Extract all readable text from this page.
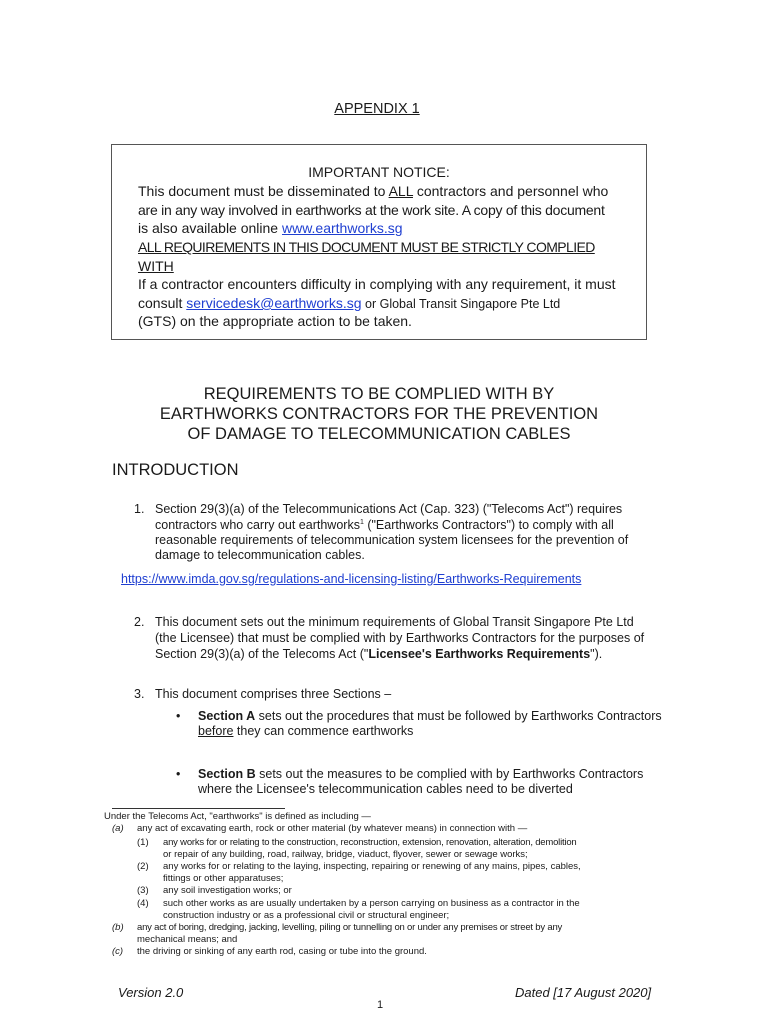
APPENDIX 1
IMPORTANT NOTICE:
This document must be disseminated to ALL contractors and personnel who
are in any way involved in earthworks at the work site. A copy of this document
is also available online www.earthworks.sg
ALL REQUIREMENTS IN THIS DOCUMENT MUST BE STRICTLY COMPLIED
WITH
If a contractor encounters difficulty in complying with any requirement, it must
consult servicedesk@earthworks.sg or Global Transit Singapore Pte Ltd
(GTS) on the appropriate action to be taken.
REQUIREMENTS TO BE COMPLIED WITH BY
EARTHWORKS CONTRACTORS FOR THE PREVENTION
OF DAMAGE TO TELECOMMUNICATION CABLES
INTRODUCTION
1. Section 29(3)(a) of the Telecommunications Act (Cap. 323) ("Telecoms Act") requires
contractors who carry out earthworks$^1$ ("Earthworks Contractors") to comply with all
reasonable requirements of telecommunication system licensees for the prevention of
damage to telecommunication cables.
https://www.imda.gov.sg/regulations-and-licensing-listing/Earthworks-Requirements
2. This document sets out the minimum requirements of Global Transit Singapore Pte Ltd
(the Licensee) that must be complied with by Earthworks Contractors for the purposes of
Section 29(3)(a) of the Telecoms Act ("Licensee's Earthworks Requirements").
3. This document comprises three Sections –
• Section A sets out the procedures that must be followed by Earthworks Contractors
before they can commence earthworks
• Section B sets out the measures to be complied with by Earthworks Contractors
where the Licensee's telecommunication cables need to be diverted
Under the Telecoms Act, "earthworks" is defined as including —
(a) any act of excavating earth, rock or other material (by whatever means) in connection with —
(1) any works for or relating to the construction, reconstruction, extension, renovation, alteration, demolition
or repair of any building, road, railway, bridge, viaduct, flyover, sewer or sewage works;
(2) any works for or relating to the laying, inspecting, repairing or renewing of any mains, pipes, cables,
fittings or other apparatuses;
(3) any soil investigation works; or
(4) such other works as are usually undertaken by a person carrying on business as a contractor in the
construction industry or as a professional civil or structural engineer;
(b) any act of boring, dredging, jacking, levelling, piling or tunnelling on or under any premises or street by any
mechanical means; and
(c) the driving or sinking of any earth rod, casing or tube into the ground.
Version 2.0	Dated [17 August 2020]
1
